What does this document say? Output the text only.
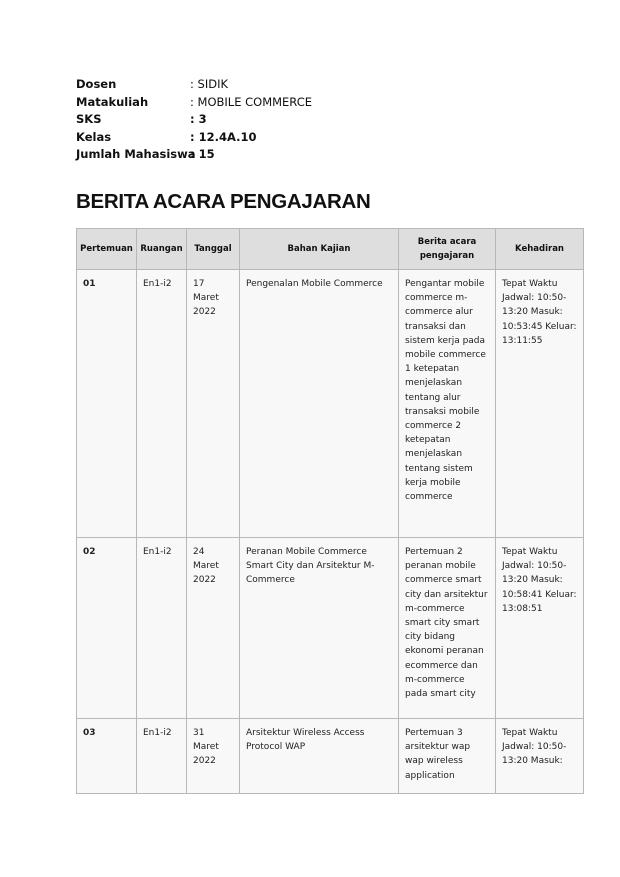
Dosen	: SIDIK
Matakuliah	: MOBILE COMMERCE
SKS	: 3
Kelas	: 12.4A.10
Jumlah Mahasiswa
: 15
BERITA ACARA PENGAJARAN
Pertemuan	Ruangan	Tanggal	Bahan Kajian	Berita acara pengajaran	Kehadiran
01	En1-i2	17 Maret 2022	Pengenalan Mobile Commerce	Pengantar mobile commerce m-commerce alur transaksi dan sistem kerja pada mobile commerce 1 ketepatan menjelaskan tentang alur transaksi mobile commerce 2 ketepatan menjelaskan tentang sistem kerja mobile commerce	Tepat Waktu Jadwal: 10:50-13:20 Masuk: 10:53:45 Keluar: 13:11:55
02	En1-i2	24 Maret 2022	Peranan Mobile Commerce Smart City dan Arsitektur M-Commerce	Pertemuan 2 peranan mobile commerce smart city dan arsitektur m-commerce smart city smart city bidang ekonomi peranan ecommerce dan m-commerce pada smart city	Tepat Waktu Jadwal: 10:50-13:20 Masuk: 10:58:41 Keluar: 13:08:51
03	En1-i2	31 Maret 2022	Arsitektur Wireless Access Protocol WAP	Pertemuan 3 arsitektur wap wap wireless application	Tepat Waktu Jadwal: 10:50-13:20 Masuk:
